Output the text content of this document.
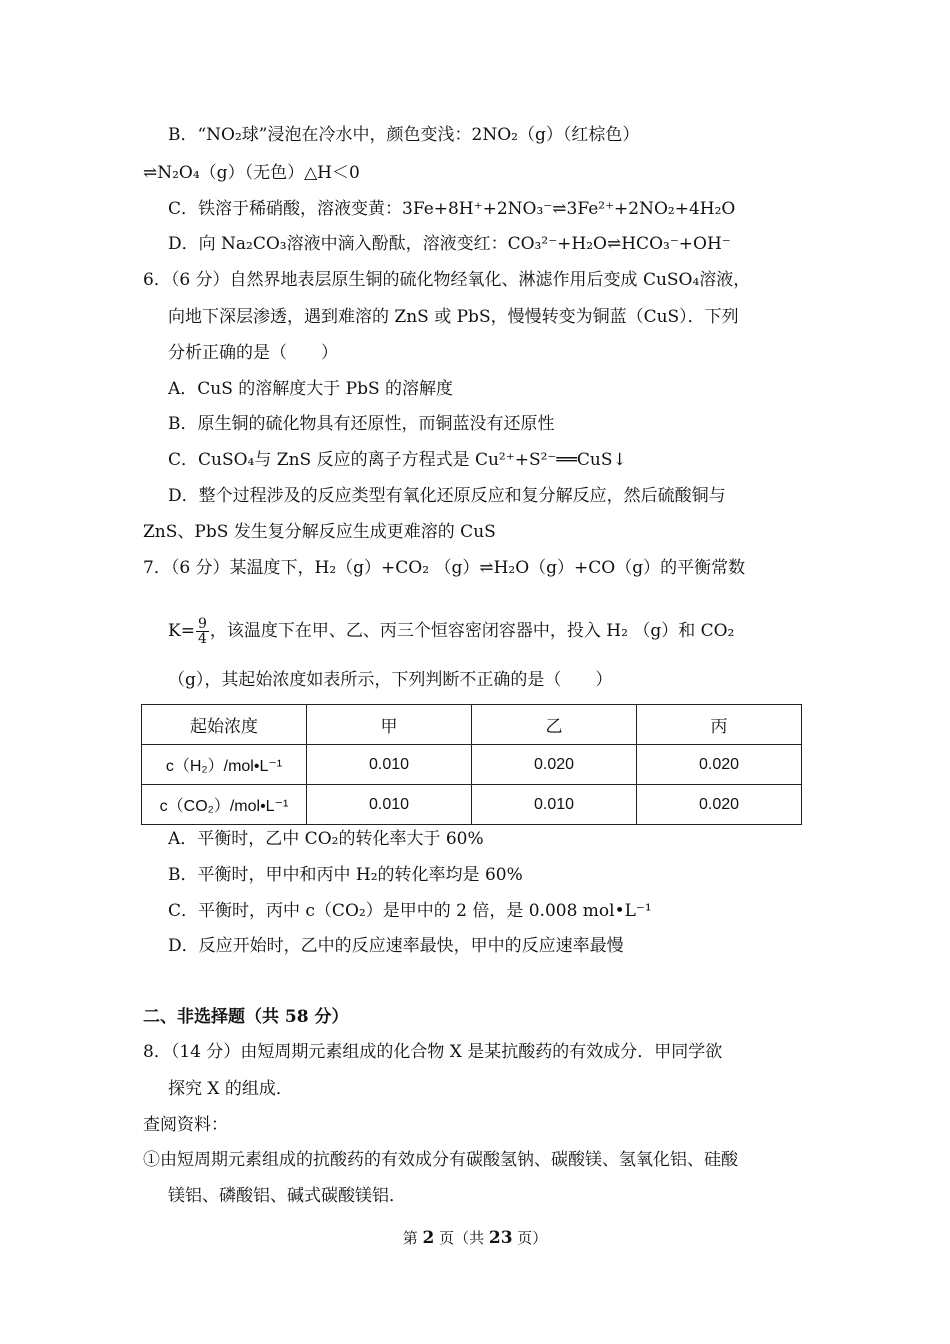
B．“NO₂球”浸泡在冷水中，颜色变浅：2NO₂（g）（红棕色）
⇌N₂O₄（g）（无色）△H＜0
C．铁溶于稀硝酸，溶液变黄：3Fe+8H⁺+2NO₃⁻⇌3Fe²⁺+2NO₂+4H₂O
D．向 Na₂CO₃溶液中滴入酚酞，溶液变红：CO₃²⁻+H₂O⇌HCO₃⁻+OH⁻
6．（6 分）自然界地表层原生铜的硫化物经氧化、淋滤作用后变成 CuSO₄溶液，
向地下深层渗透，遇到难溶的 ZnS 或 PbS，慢慢转变为铜蓝（CuS）．下列
分析正确的是（　　）
A．CuS 的溶解度大于 PbS 的溶解度
B．原生铜的硫化物具有还原性，而铜蓝没有还原性
C．CuSO₄与 ZnS 反应的离子方程式是 Cu²⁺+S²⁻══CuS↓
D．整个过程涉及的反应类型有氧化还原反应和复分解反应，然后硫酸铜与
ZnS、PbS 发生复分解反应生成更难溶的 CuS
7．（6 分）某温度下，H₂（g）+CO₂ （g）⇌H₂O（g）+CO（g）的平衡常数
$K= \frac{9}{4}$ ，该温度下在甲、乙、丙三个恒容密闭容器中，投入 H₂ （g）和 CO₂
（g），其起始浓度如表所示，下列判断不正确的是（　　）
起始浓度	甲	乙	丙
c（H₂）/mol•L⁻¹	0.010	0.020	0.020
c（CO₂）/mol•L⁻¹	0.010	0.010	0.020
A．平衡时，乙中 CO₂的转化率大于 60%
B．平衡时，甲中和丙中 H₂的转化率均是 60%
C．平衡时，丙中 c（CO₂）是甲中的 2 倍，是 0.008 mol•L⁻¹
D．反应开始时，乙中的反应速率最快，甲中的反应速率最慢
二、非选择题（共 58 分）
8．（14 分）由短周期元素组成的化合物 X 是某抗酸药的有效成分．甲同学欲
探究 X 的组成．
查阅资料：
①由短周期元素组成的抗酸药的有效成分有碳酸氢钠、碳酸镁、氢氧化铝、硅酸
镁铝、磷酸铝、碱式碳酸镁铝．
第 2 页（共 23 页）
